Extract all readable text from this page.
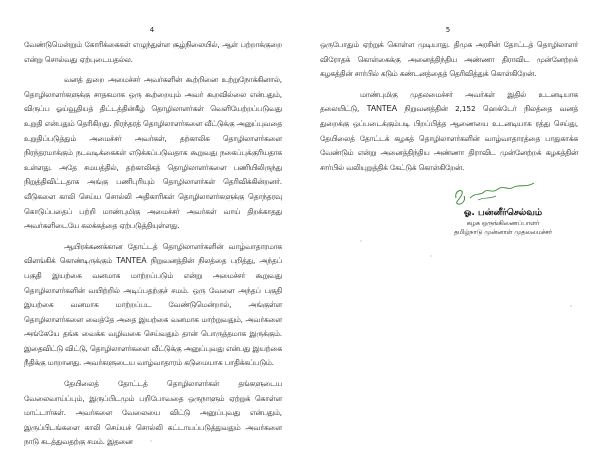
4

வேண்டுமென்றும் கோரிக்கைகள் எழுந்துள்ள சூழ்நிலையில், ஆள் பற்றாக்குறை என்று சொல்வது ஏற்புடையதல்ல.

வனத் துறை அமைச்சர் அவர்களின் கூற்றினை உற்றுநோக்கினால், தொழிலாளர்களுக்கு சாதகமாக ஒரு கூற்றையும் அவர் கூறவில்லை என்பதும், விருப்ப ஓய்வூதியத் திட்டத்தின்கீழ் தொழிலாளர்கள் வெளியேற்றப்படுவது உறுதி என்பதும் தெரிகிறது. நிரந்தரத் தொழிலாளர்களை வீட்டுக்கு அனுப்புவதை உறுதிப்படுத்தும் அமைச்சர் அவர்கள், தற்காலிக தொழிலாளர்களை நிரந்தரமாக்கும் நடவடிக்கைகள் எடுக்கப்படுவதாக கூறுவது நகைப்புக்குரியதாக உள்ளது. அதே சமயத்தில், தற்காலிகத் தொழிலாளர்களை பணியிலிருந்து நிறுத்திவிட்டதாக அங்கு பணிபுரியும் தொழிலாளர்கள் தெரிவிக்கின்றனர். வீடுகளை காலி செய்ய சொல்லி அதிகாரிகள் தொழிலாளர்களுக்கு தொந்தரவு கொடுப்பதைப் பற்றி மாண்புமிகு அமைச்சர் அவர்கள் வாய் திறக்காதது அவர்களிடையே கலக்கத்தை ஏற்படுத்தியுள்ளது.

ஆயிரக்கணக்கான தோட்டத் தொழிலாளர்களின் வாழ்வாதாரமாக விளங்கிக் கொண்டிருக்கும் TANTEA நிறுவனத்தின் நிலத்தை பறித்து, அந்தப் பகுதி இயற்கை வனமாக மாற்றப்படும் என்று அமைச்சர் கூறுவது தொழிலாளர்களின் வயிற்றில் அடிப்பதற்குச் சமம். ஒரு வேளை அந்தப் பகுதி இயற்கை வனமாக மாற்றப்பட வேண்டுமென்றால், அங்குள்ள தொழிலாளர்களை வைத்தே அதை இயற்கை வனமாக மாற்றுவதும், அவர்களை அங்கேயே தங்க வைக்க வழிவகை செய்வதும் தான் பொருத்தமாக இருக்கும். இதைவிட்டு விட்டு, தொழிலாளர்களை வீட்டுக்கு அனுப்புவது என்பது இயற்கை நீதிக்கு மாறானது. அவர்களுடைய வாழ்வாதாரம் கடுமையாக பாதிக்கப்படும்.

தேயிலைத் தோட்டத் தொழிலாளர்கள் தங்களுடைய வேலைவாய்ப்பும், இருப்பிடமும் பறிபோவதை ஒருநாளும் ஏற்றுக் கொள்ள மாட்டார்கள். அவர்களை வேலையை விட்டு அனுப்புவது என்பதும், இருப்பிடங்களை காலி செய்யச் சொல்லி கட்டாயப்படுத்துவதும் அவர்களை நாடு கடத்துவதற்கு சமம். இதனை

5

ஒருபோதும் ஏற்றுக் கொள்ள முடியாது. திமுக அரசின் தோட்டத் தொழிலாளர் விரோதக் கொள்கைக்கு அனைத்திந்திய அண்ணா திராவிட முன்னேற்றக் கழகத்தின் சார்பில் கடும் கண்டனத்தைத் தெரிவித்துக் கொள்கிறேன்.

மாண்புமிகு முதலமைச்சர் அவர்கள் இதில் உடனடியாக தலையிட்டு, TANTEA நிறுவனத்தின் 2,152 ஹெக்டேர் நிலத்தை வனத் துறைக்கு ஒப்படைக்கும்படி பிறப்பித்த ஆணையை உடனடியாக ரத்து செய்து, தேயிலைத் தோட்டக் கழகத் தொழிலாளர்களின் வாழ்வாதாரத்தை பாதுகாக்க வேண்டும் என்று அனைத்திந்திய அண்ணா திராவிட முன்னேற்றக் கழகத்தின் சார்பில் வலியுறுத்திக் கேட்டுக் கொள்கிறேன்.

ஓ. பன்னீர்செல்வம்
கழக ஒருங்கிணைப்பாளர்
தமிழ்நாடு முன்னாள் முதலமைச்சர்
